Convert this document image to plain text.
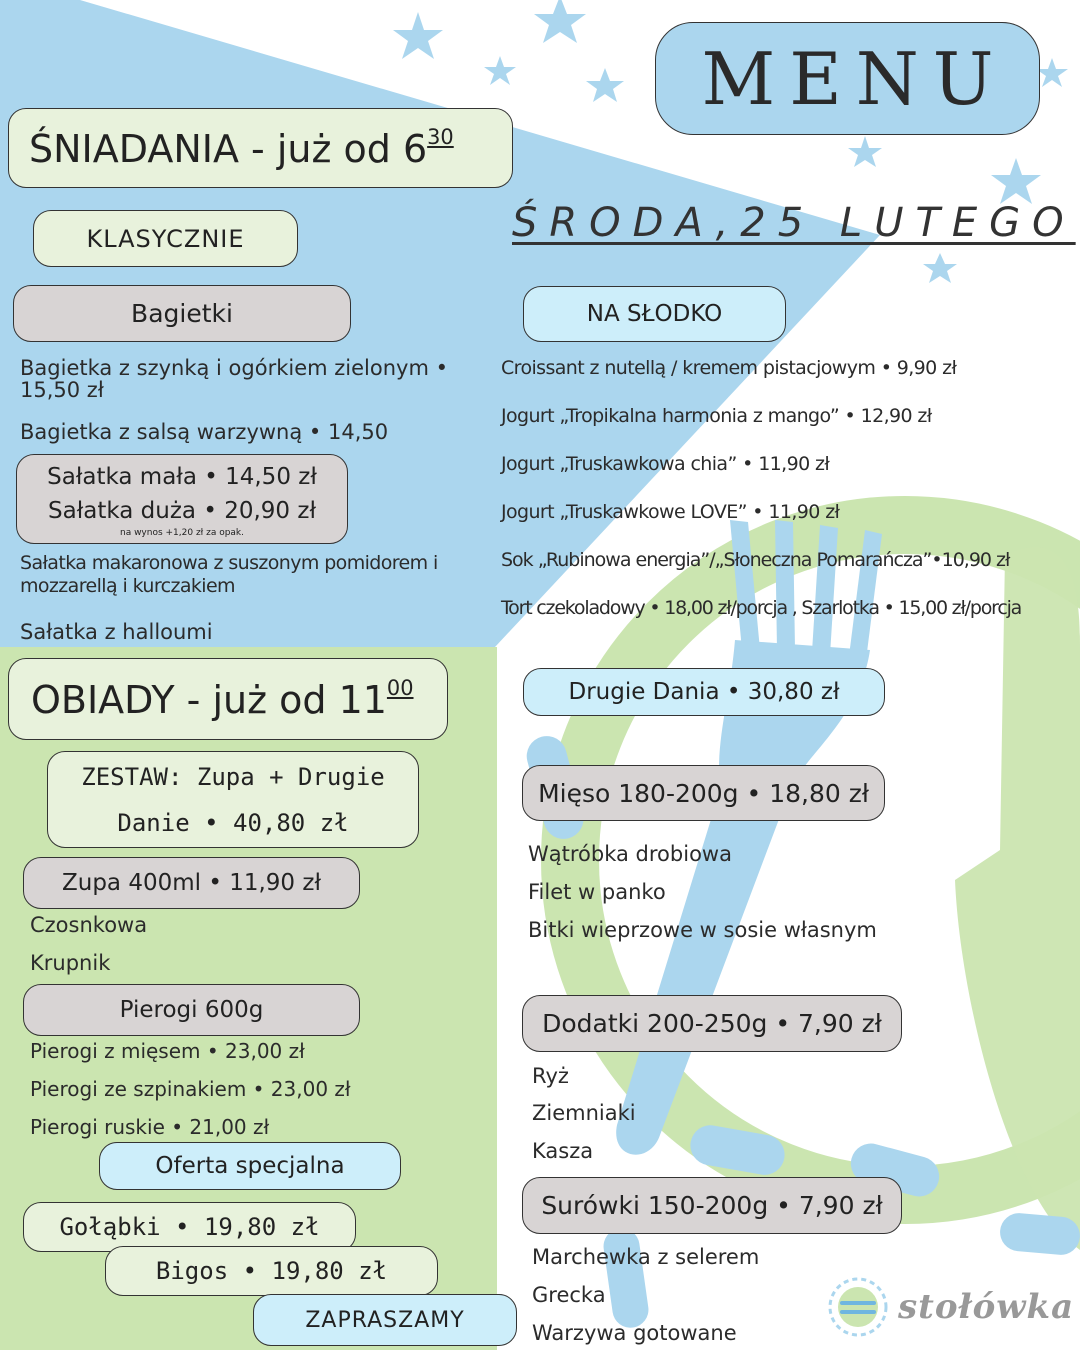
MENU
ŚRODA,25 LUTEGO
ŚNIADANIA - już od $6^{30}$
KLASYCZNIE
Bagietki
Bagietka z szynką i ogórkiem zielonym •
15,50 zł
Bagietka z salsą warzywną • 14,50
Sałatka mała • 14,50 zł
Sałatka duża • 20,90 zł
na wynos +1,20 zł za opak.
Sałatka makaronowa z suszonym pomidorem i
mozzarellą i kurczakiem
Sałatka z halloumi
NA SŁODKO
Croissant z nutellą / kremem pistacjowym • 9,90 zł
Jogurt „Tropikalna harmonia z mango” • 12,90 zł
Jogurt „Truskawkowa chia” • 11,90 zł
Jogurt „Truskawkowe LOVE” • 11,90 zł
Sok „Rubinowa energia”/„Słoneczna Pomarańcza”•10,90 zł
Tort czekoladowy • 18,00 zł/porcja , Szarlotka • 15,00 zł/porcja
OBIADY - już od $11^{00}$
ZESTAW: Zupa + Drugie
Danie • 40,80 zł
Zupa 400ml • 11,90 zł
Czosnkowa
Krupnik
Pierogi 600g
Pierogi z mięsem • 23,00 zł
Pierogi ze szpinakiem • 23,00 zł
Pierogi ruskie • 21,00 zł
Oferta specjalna
Gołąbki • 19,80 zł
Bigos • 19,80 zł
ZAPRASZAMY
Drugie Dania • 30,80 zł
Mięso 180-200g • 18,80 zł
Wątróbka drobiowa
Filet w panko
Bitki wieprzowe w sosie własnym
Dodatki 200-250g • 7,90 zł
Ryż
Ziemniaki
Kasza
Surówki 150-200g • 7,90 zł
Marchewka z selerem
Grecka
Warzywa gotowane
stołówka
